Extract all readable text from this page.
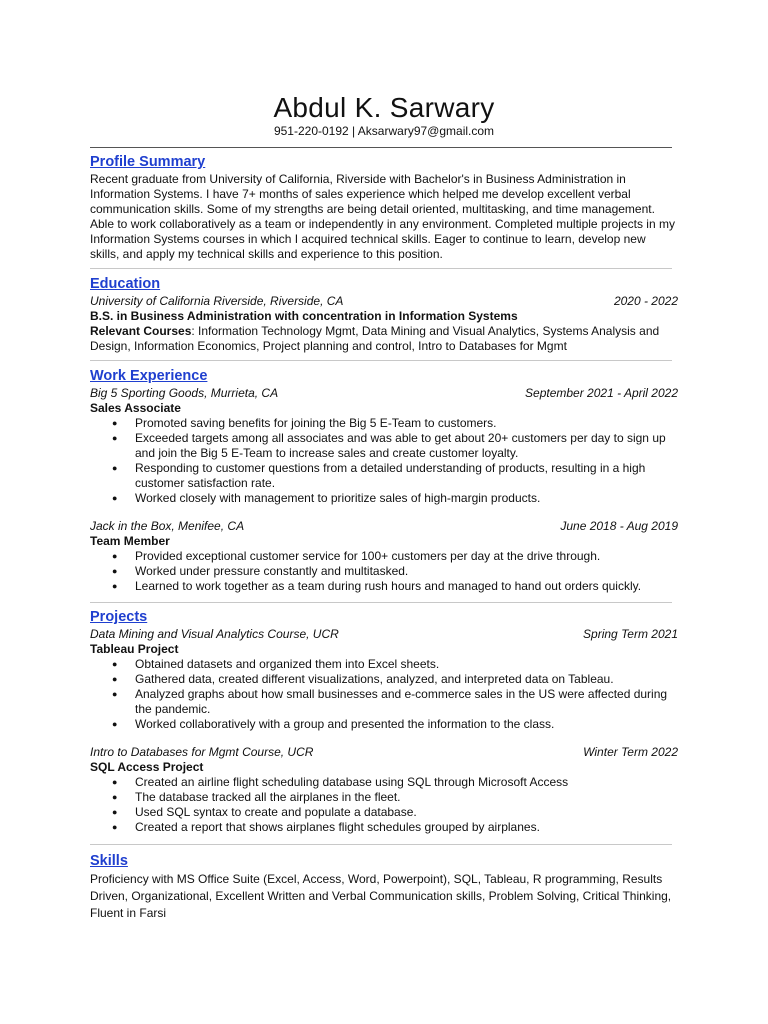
Abdul K. Sarwary
951-220-0192 | Aksarwary97@gmail.com
Profile Summary

Recent graduate from University of California, Riverside with Bachelor's in Business Administration in Information Systems. I have 7+ months of sales experience which helped me develop excellent verbal communication skills. Some of my strengths are being detail oriented, multitasking, and time management. Able to work collaboratively as a team or independently in any environment. Completed multiple projects in my Information Systems courses in which I acquired technical skills. Eager to continue to learn, develop new skills, and apply my technical skills and experience to this position.

Education
University of California Riverside, Riverside, CA	2020 - 2022
B.S. in Business Administration with concentration in Information Systems

Relevant Courses: Information Technology Mgmt, Data Mining and Visual Analytics, Systems Analysis and Design, Information Economics, Project planning and control, Intro to Databases for Mgmt

Work Experience
Big 5 Sporting Goods, Murrieta, CA	September 2021 - April 2022
Sales Associate
● Promoted saving benefits for joining the Big 5 E-Team to customers.
● Exceeded targets among all associates and was able to get about 20+ customers per day to sign up and join the Big 5 E-Team to increase sales and create customer loyalty.
● Responding to customer questions from a detailed understanding of products, resulting in a high customer satisfaction rate.
● Worked closely with management to prioritize sales of high-margin products.
Jack in the Box, Menifee, CA	June 2018 - Aug 2019
Team Member
● Provided exceptional customer service for 100+ customers per day at the drive through.
● Worked under pressure constantly and multitasked.
● Learned to work together as a team during rush hours and managed to hand out orders quickly.
Projects
Data Mining and Visual Analytics Course, UCR	Spring Term 2021
Tableau Project
● Obtained datasets and organized them into Excel sheets.
● Gathered data, created different visualizations, analyzed, and interpreted data on Tableau.
● Analyzed graphs about how small businesses and e-commerce sales in the US were affected during the pandemic.
● Worked collaboratively with a group and presented the information to the class.
Intro to Databases for Mgmt Course, UCR	Winter Term 2022
SQL Access Project
● Created an airline flight scheduling database using SQL through Microsoft Access
● The database tracked all the airplanes in the fleet.
● Used SQL syntax to create and populate a database.
● Created a report that shows airplanes flight schedules grouped by airplanes.
Skills

Proficiency with MS Office Suite (Excel, Access, Word, Powerpoint), SQL, Tableau, R programming, Results Driven, Organizational, Excellent Written and Verbal Communication skills, Problem Solving, Critical Thinking, Fluent in Farsi
